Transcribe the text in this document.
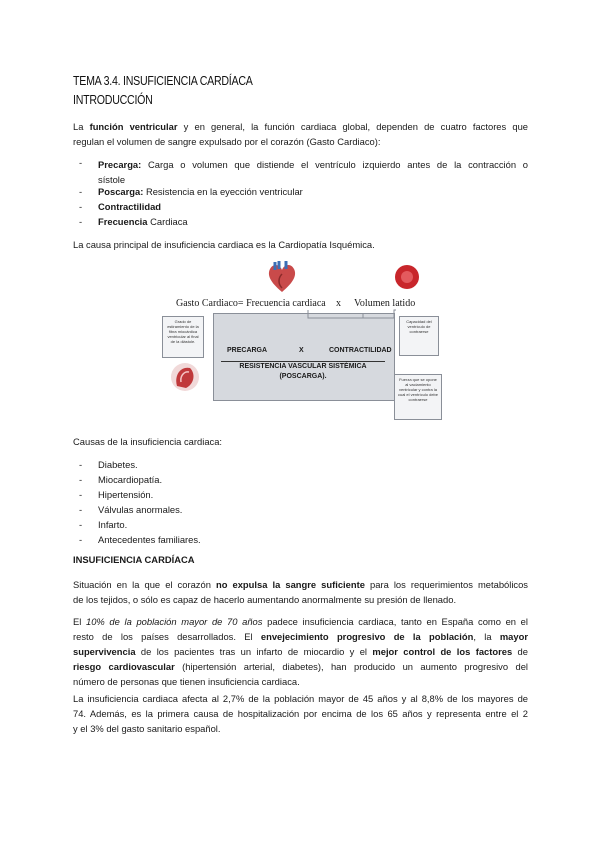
TEMA 3.4. INSUFICIENCIA CARDÍACA
INTRODUCCIÓN
La función ventricular y en general, la función cardiaca global, dependen de cuatro factores que
regulan el volumen de sangre expulsado por el corazón (Gasto Cardiaco):
- Precarga: Carga o volumen que distiende el ventrículo izquierdo antes de la contracción o
sístole
- Poscarga: Resistencia en la eyección ventricular
- Contractilidad
- Frecuencia Cardiaca
La causa principal de insuficiencia cardiaca es la Cardiopatía Isquémica.
Gasto Cardiaco= Frecuencia cardiaca x Volumen latido
PRECARGA	X	CONTRACTILIDAD
RESISTENCIA VASCULAR SISTÉMICA
(POSCARGA).
Grado de estiramiento de la fibra miocárdica ventricular al final de la diástole.
Capacidad del ventrículo de contraerse
Fuerza que se opone al vaciamiento ventricular y contra la cual el ventrículo debe contraerse
Causas de la insuficiencia cardiaca:
- Diabetes.
- Miocardiopatía.
- Hipertensión.
- Válvulas anormales.
- Infarto.
- Antecedentes familiares.
INSUFICIENCIA CARDÍACA
Situación en la que el corazón no expulsa la sangre suficiente para los requerimientos metabólicos
de los tejidos, o sólo es capaz de hacerlo aumentando anormalmente su presión de llenado.
El 10% de la población mayor de 70 años padece insuficiencia cardiaca, tanto en España como en el
resto de los países desarrollados. El envejecimiento progresivo de la población, la mayor
supervivencia de los pacientes tras un infarto de miocardio y el mejor control de los factores de
riesgo cardiovascular (hipertensión arterial, diabetes), han producido un aumento progresivo del
número de personas que tienen insuficiencia cardiaca.
La insuficiencia cardiaca afecta al 2,7% de la población mayor de 45 años y al 8,8% de los mayores de
74. Además, es la primera causa de hospitalización por encima de los 65 años y representa entre el 2
y el 3% del gasto sanitario español.
